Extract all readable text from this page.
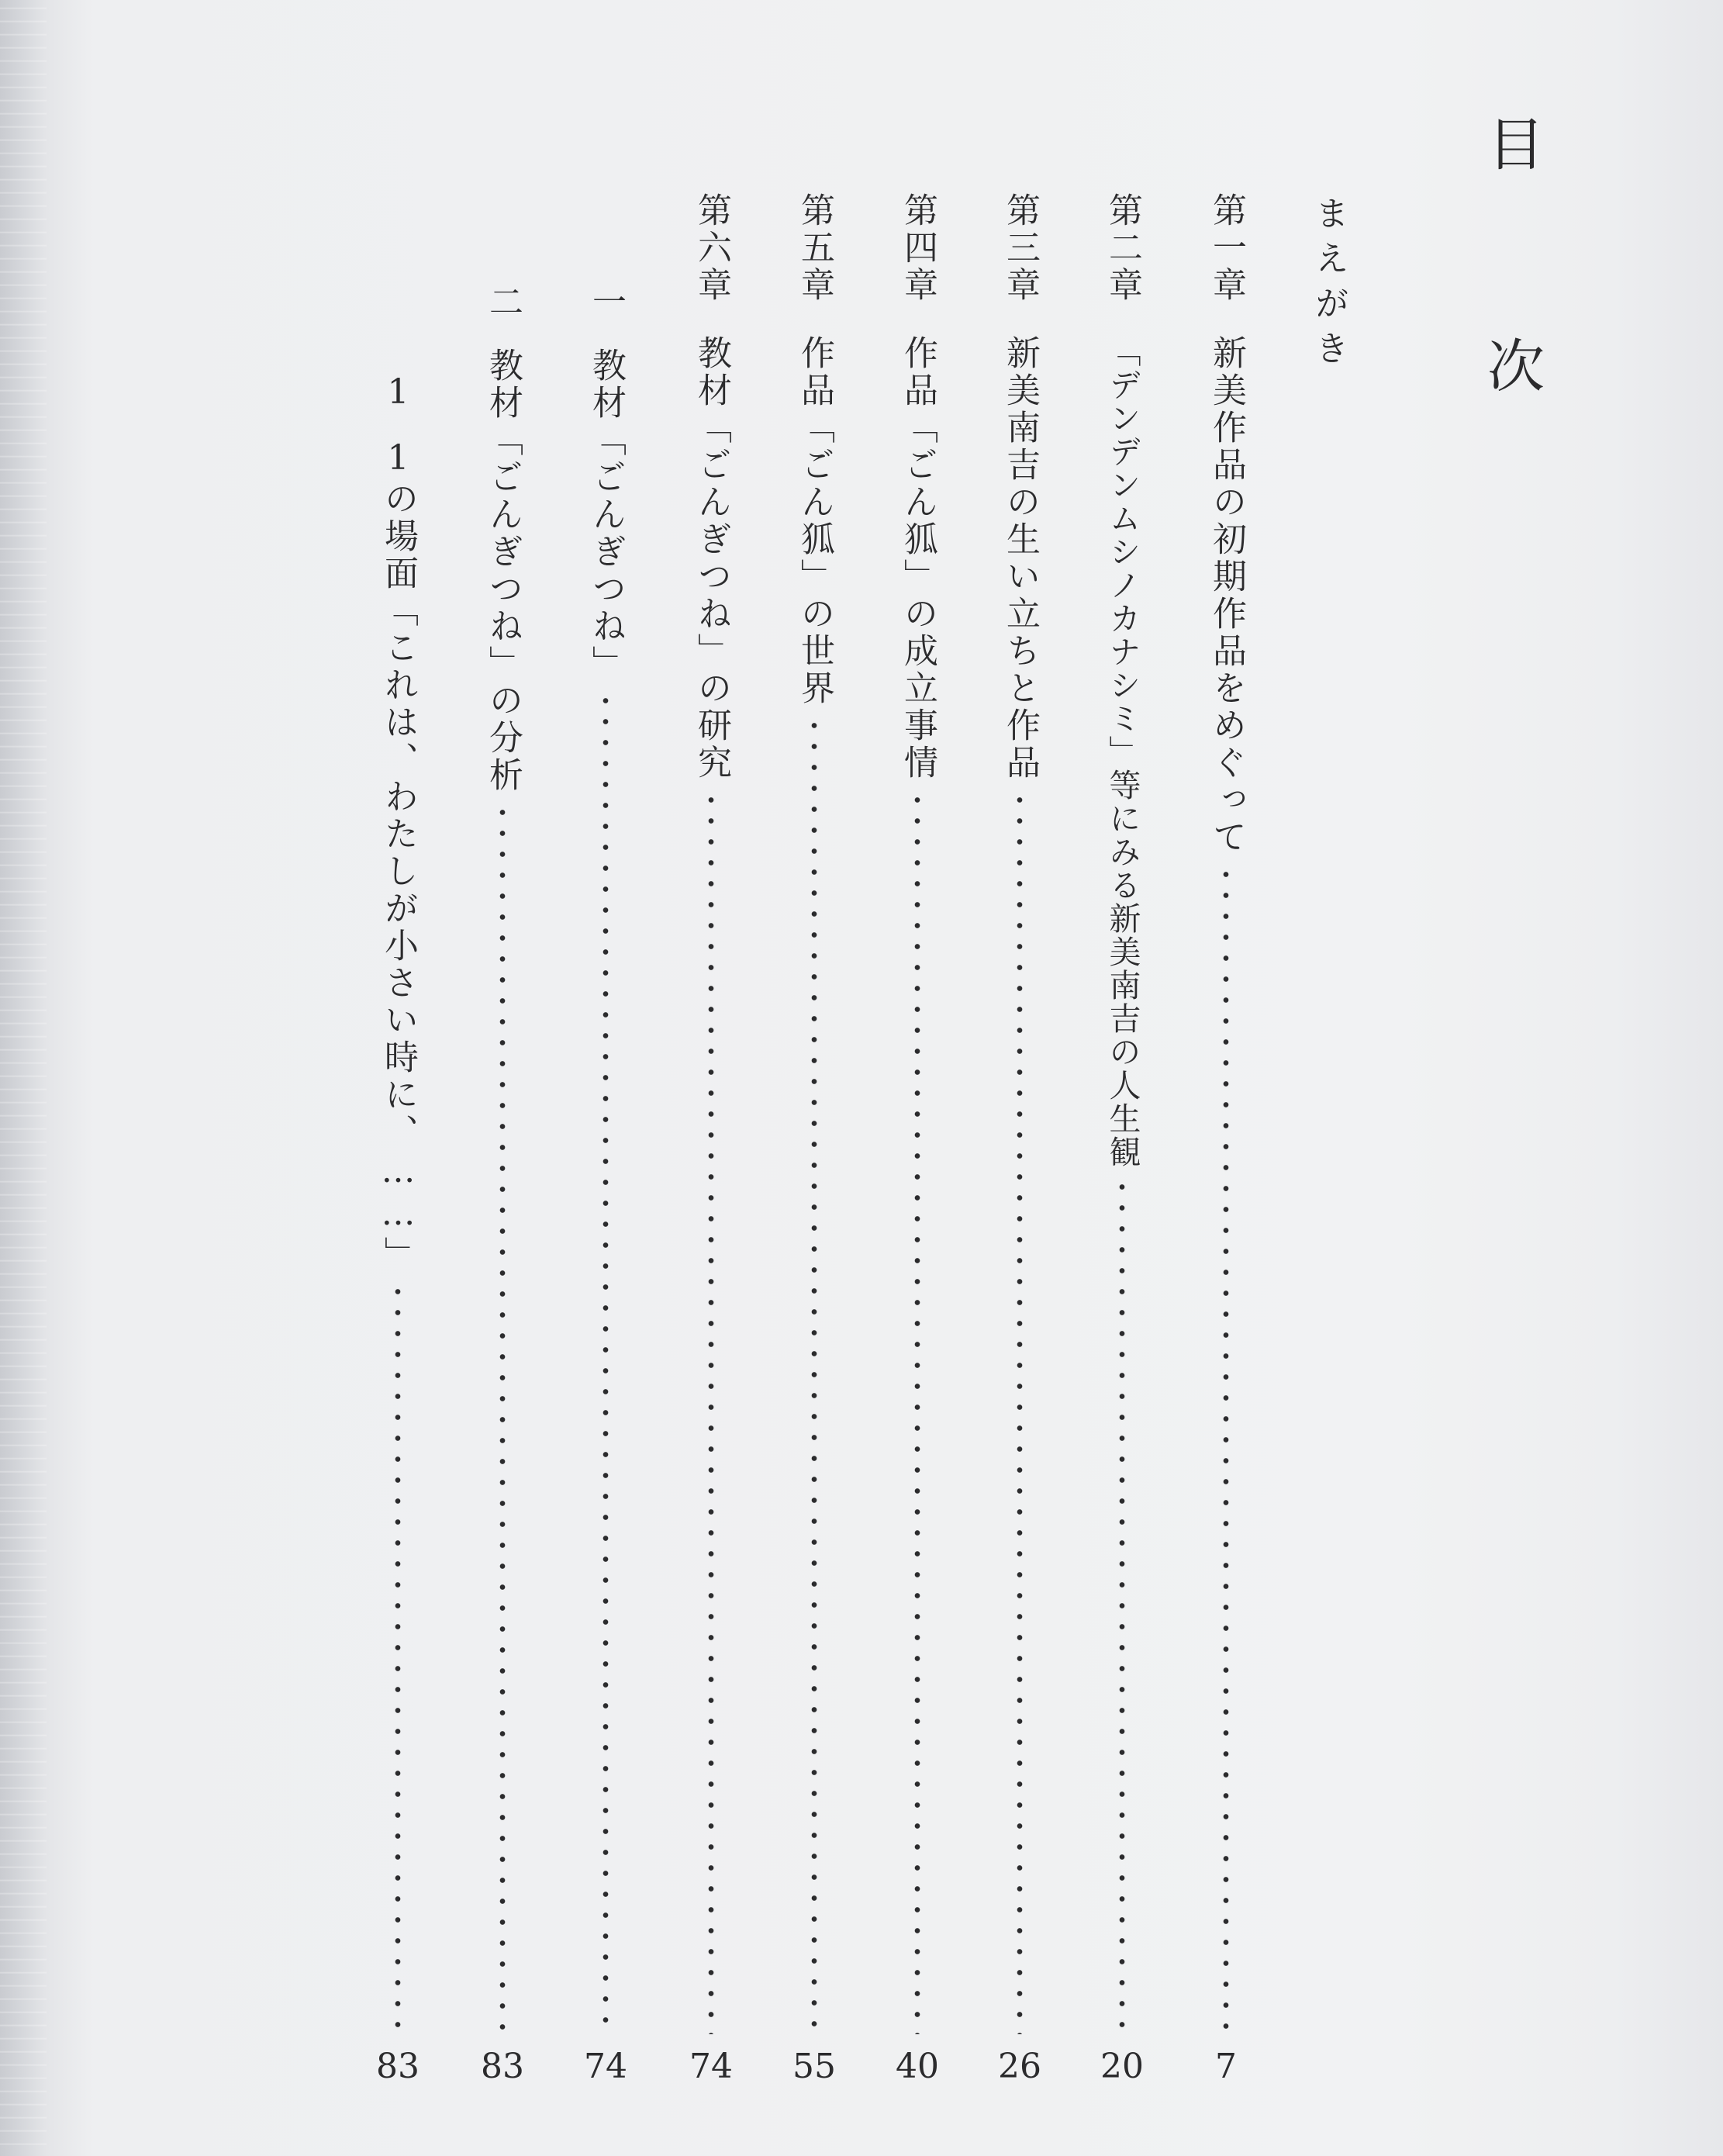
目
次
まえがき
第一章
新美作品の初期作品をめぐって
7
第二章
「デンデンムシノカナシミ」等にみる新美南吉の人生観
20
第三章
新美南吉の生い立ちと作品
26
第四章
作品「ごん狐」の成立事情
40
第五章
作品「ごん狐」の世界
55
第六章
教材「ごんぎつね」の研究
74
一
教材「ごんぎつね」
74
二
教材「ごんぎつね」の分析
83
1
1の場面「これは、わたしが小さい時に、……」
83
